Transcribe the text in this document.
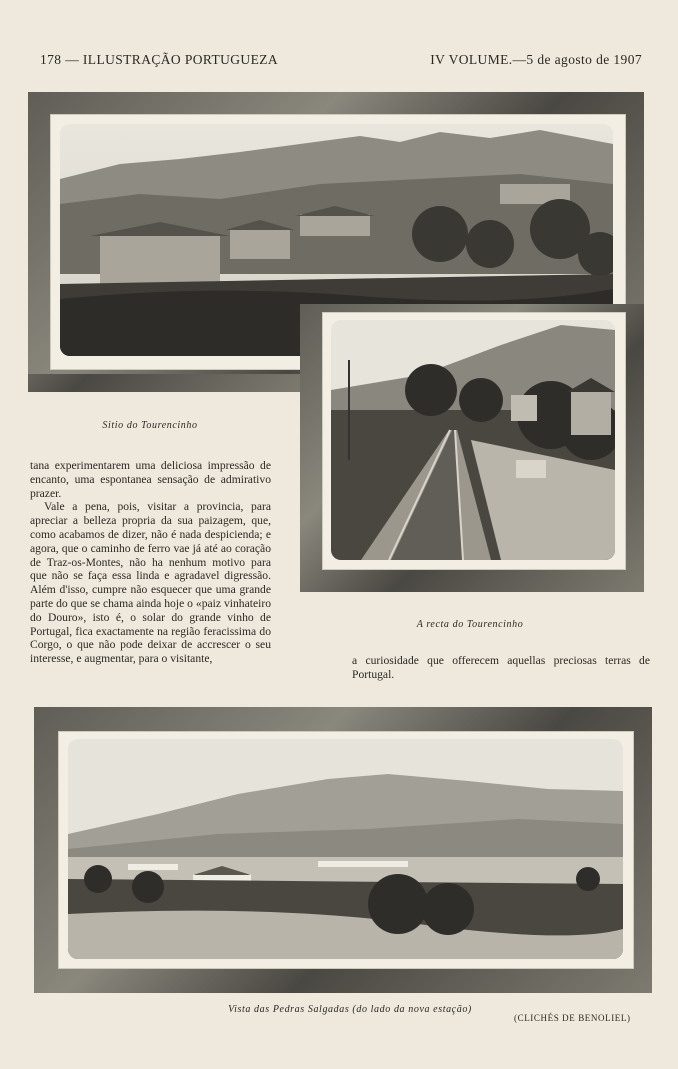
178 — ILLUSTRAÇÃO PORTUGUEZA	IV VOLUME.—5 de agosto de 1907
Sitio do Tourencinho
A recta do Tourencinho

tana experimentarem uma deliciosa impressão de encanto, uma espontanea sensação de admirativo prazer.

Vale a pena, pois, visitar a provincia, para apreciar a belleza propria da sua paizagem, que, como acabamos de dizer, não é nada despicienda; e agora, que o caminho de ferro vae já até ao coração de Traz-os-Montes, não ha nenhum motivo para que não se faça essa linda e agradavel digressão. Além d'isso, cumpre não esquecer que uma grande parte do que se chama ainda hoje o «paiz vinhateiro do Douro», isto é, o solar do grande vinho de Portugal, fica exactamente na região feracissima do Corgo, o que não pode deixar de accrescer o seu interesse, e augmentar, para o visitante,	a curiosidade que offerecem aquellas preciosas terras de Portugal.

Vista das Pedras Salgadas (do lado da nova estação)
(CLICHÉS DE BENOLIEL)
